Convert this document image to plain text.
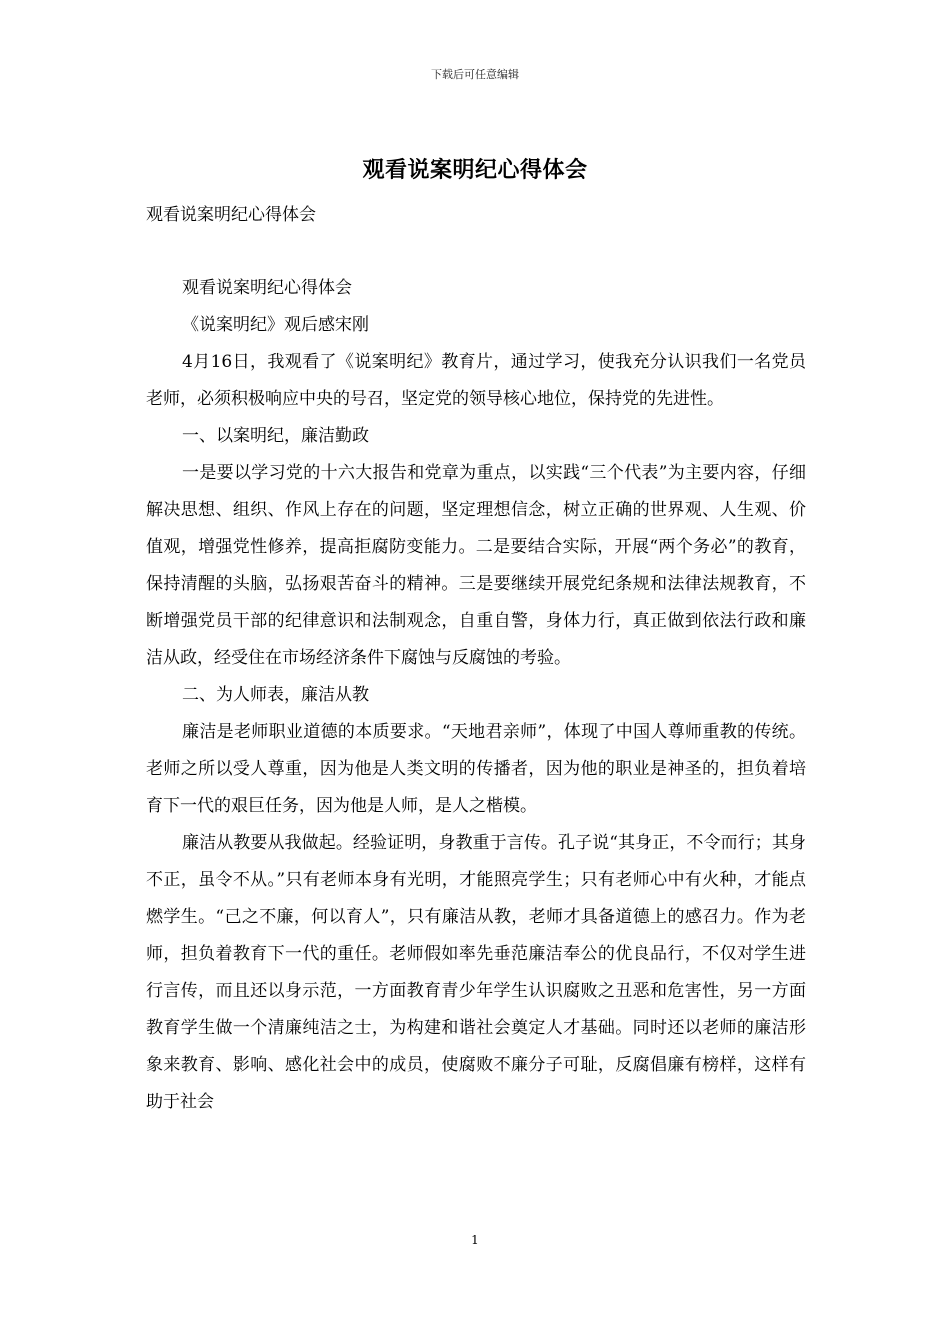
下载后可任意编辑
观看说案明纪心得体会
观看说案明纪心得体会

观看说案明纪心得体会

《说案明纪》观后感宋刚

4月16日，我观看了《说案明纪》教育片，通过学习，使我充分认识我们一名党员老师，必须积极响应中央的号召，坚定党的领导核心地位，保持党的先进性。

一、以案明纪，廉洁勤政

一是要以学习党的十六大报告和党章为重点，以实践“三个代表”为主要内容，仔细解决思想、组织、作风上存在的问题，坚定理想信念，树立正确的世界观、人生观、价值观，增强党性修养，提高拒腐防变能力。二是要结合实际，开展“两个务必”的教育，保持清醒的头脑，弘扬艰苦奋斗的精神。三是要继续开展党纪条规和法律法规教育，不断增强党员干部的纪律意识和法制观念，自重自警，身体力行，真正做到依法行政和廉洁从政，经受住在市场经济条件下腐蚀与反腐蚀的考验。

二、为人师表，廉洁从教

廉洁是老师职业道德的本质要求。“天地君亲师”，体现了中国人尊师重教的传统。老师之所以受人尊重，因为他是人类文明的传播者，因为他的职业是神圣的，担负着培育下一代的艰巨任务，因为他是人师，是人之楷模。

廉洁从教要从我做起。经验证明，身教重于言传。孔子说“其身正，不令而行；其身不正，虽令不从。”只有老师本身有光明，才能照亮学生；只有老师心中有火种，才能点燃学生。“己之不廉，何以育人”，只有廉洁从教，老师才具备道德上的感召力。作为老师，担负着教育下一代的重任。老师假如率先垂范廉洁奉公的优良品行，不仅对学生进行言传，而且还以身示范，一方面教育青少年学生认识腐败之丑恶和危害性，另一方面教育学生做一个清廉纯洁之士，为构建和谐社会奠定人才基础。同时还以老师的廉洁形象来教育、影响、感化社会中的成员，使腐败不廉分子可耻，反腐倡廉有榜样，这样有助于社会

1
